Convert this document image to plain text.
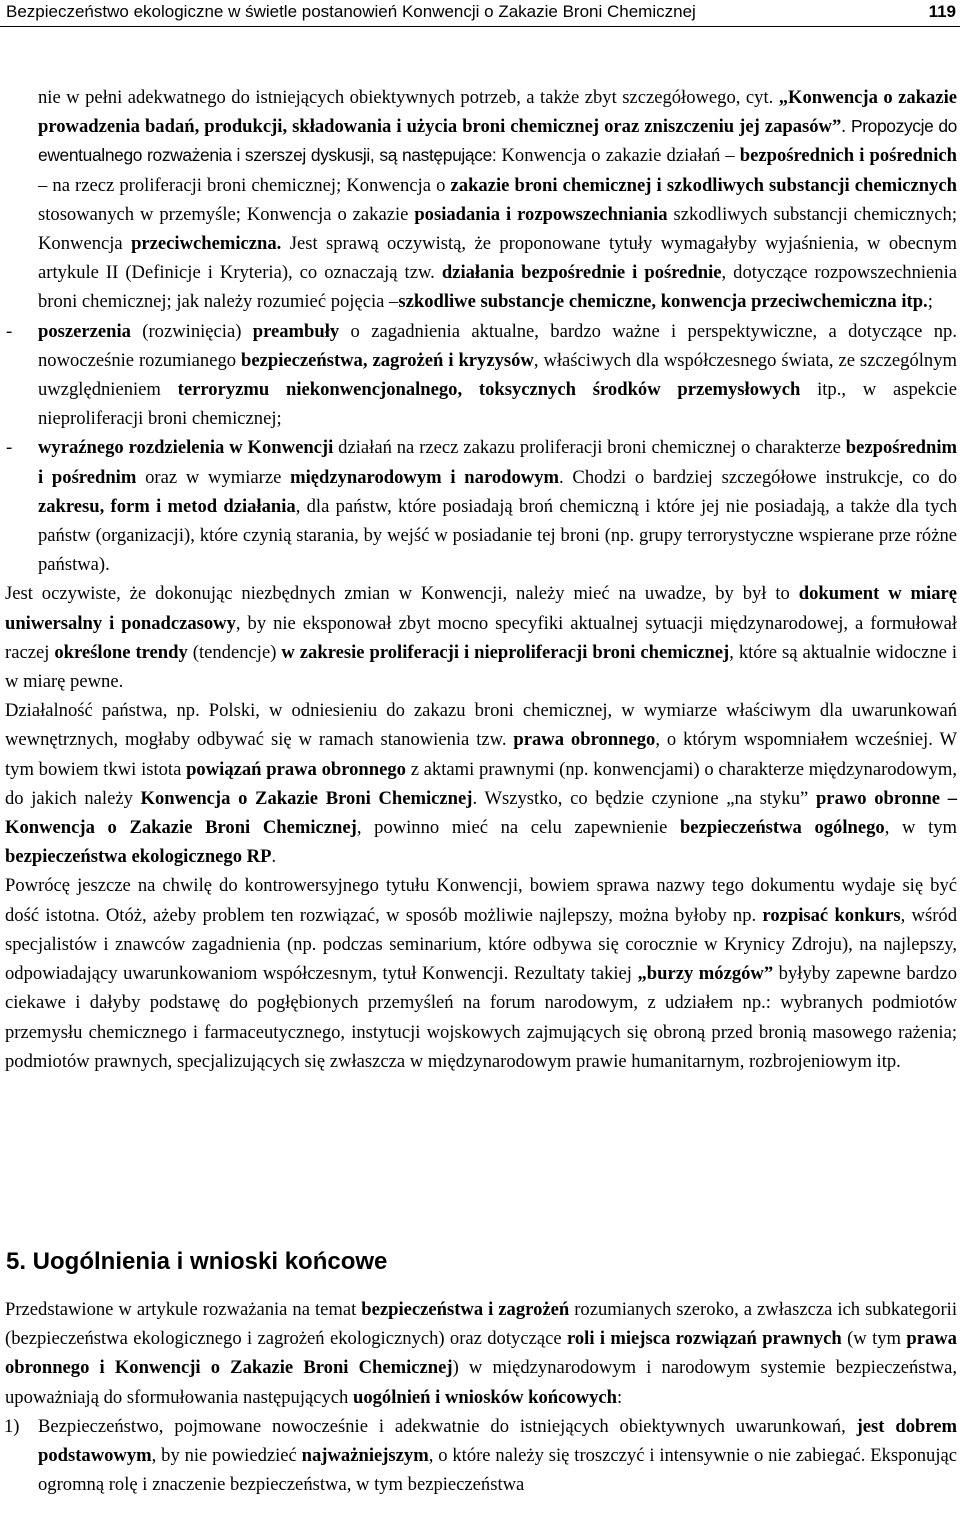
Bezpieczeństwo ekologiczne w świetle postanowień Konwencji o Zakazie Broni Chemicznej	119

nie w pełni adekwatnego do istniejących obiektywnych potrzeb, a także zbyt szczegółowego, cyt. „Konwencja o zakazie prowadzenia badań, produkcji, składowania i użycia broni chemicznej oraz zniszczeniu jej zapasów”. Propozycje do ewentualnego rozważenia i szerszej dyskusji, są następujące: Konwencja o zakazie działań – bezpośrednich i pośrednich – na rzecz proliferacji broni chemicznej; Konwencja o zakazie broni chemicznej i szkodliwych substancji chemicznych stosowanych w przemyśle; Konwencja o zakazie posiadania i rozpowszechniania szkodliwych substancji chemicznych; Konwencja przeciwchemiczna. Jest sprawą oczywistą, że proponowane tytuły wymagałyby wyjaśnienia, w obecnym artykule II (Definicje i Kryteria), co oznaczają tzw. działania bezpośrednie i pośrednie, dotyczące rozpowszechnienia broni chemicznej; jak należy rozumieć pojęcia –szkodliwe substancje chemiczne, konwencja przeciwchemiczna itp.;

- poszerzenia (rozwinięcia) preambuły o zagadnienia aktualne, bardzo ważne i perspektywiczne, a dotyczące np. nowocześnie rozumianego bezpieczeństwa, zagrożeń i kryzysów, właściwych dla współczesnego świata, ze szczególnym uwzględnieniem terroryzmu niekonwencjonalnego, toksycznych środków przemysłowych itp., w aspekcie nieproliferacji broni chemicznej;

- wyraźnego rozdzielenia w Konwencji działań na rzecz zakazu proliferacji broni chemicznej o charakterze bezpośrednim i pośrednim oraz w wymiarze międzynarodowym i narodowym. Chodzi o bardziej szczegółowe instrukcje, co do zakresu, form i metod działania, dla państw, które posiadają broń chemiczną i które jej nie posiadają, a także dla tych państw (organizacji), które czynią starania, by wejść w posiadanie tej broni (np. grupy terrorystyczne wspierane prze różne państwa).

Jest oczywiste, że dokonując niezbędnych zmian w Konwencji, należy mieć na uwadze, by był to dokument w miarę uniwersalny i ponadczasowy, by nie eksponował zbyt mocno specyfiki aktualnej sytuacji międzynarodowej, a formułował raczej określone trendy (tendencje) w zakresie proliferacji i nieproliferacji broni chemicznej, które są aktualnie widoczne i w miarę pewne.

Działalność państwa, np. Polski, w odniesieniu do zakazu broni chemicznej, w wymiarze właściwym dla uwarunkowań wewnętrznych, mogłaby odbywać się w ramach stanowienia tzw. prawa obronnego, o którym wspomniałem wcześniej. W tym bowiem tkwi istota powiązań prawa obronnego z aktami prawnymi (np. konwencjami) o charakterze międzynarodowym, do jakich należy Konwencja o Zakazie Broni Chemicznej. Wszystko, co będzie czynione „na styku” prawo obronne – Konwencja o Zakazie Broni Chemicznej, powinno mieć na celu zapewnienie bezpieczeństwa ogólnego, w tym bezpieczeństwa ekologicznego RP.

Powrócę jeszcze na chwilę do kontrowersyjnego tytułu Konwencji, bowiem sprawa nazwy tego dokumentu wydaje się być dość istotna. Otóż, ażeby problem ten rozwiązać, w sposób możliwie najlepszy, można byłoby np. rozpisać konkurs, wśród specjalistów i znawców zagadnienia (np. podczas seminarium, które odbywa się corocznie w Krynicy Zdroju), na najlepszy, odpowiadający uwarunkowaniom współczesnym, tytuł Konwencji. Rezultaty takiej „burzy mózgów” byłyby zapewne bardzo ciekawe i dałyby podstawę do pogłębionych przemyśleń na forum narodowym, z udziałem np.: wybranych podmiotów przemysłu chemicznego i farmaceutycznego, instytucji wojskowych zajmujących się obroną przed bronią masowego rażenia; podmiotów prawnych, specjalizujących się zwłaszcza w międzynarodowym prawie humanitarnym, rozbrojeniowym itp.

5. Uogólnienia i wnioski końcowe

Przedstawione w artykule rozważania na temat bezpieczeństwa i zagrożeń rozumianych szeroko, a zwłaszcza ich subkategorii (bezpieczeństwa ekologicznego i zagrożeń ekologicznych) oraz dotyczące roli i miejsca rozwiązań prawnych (w tym prawa obronnego i Konwencji o Zakazie Broni Chemicznej) w międzynarodowym i narodowym systemie bezpieczeństwa, upoważniają do sformułowania następujących uogólnień i wniosków końcowych:

1) Bezpieczeństwo, pojmowane nowocześnie i adekwatnie do istniejących obiektywnych uwarunkowań, jest dobrem podstawowym, by nie powiedzieć najważniejszym, o które należy się troszczyć i intensywnie o nie zabiegać. Eksponując ogromną rolę i znaczenie bezpieczeństwa, w tym bezpieczeństwa
